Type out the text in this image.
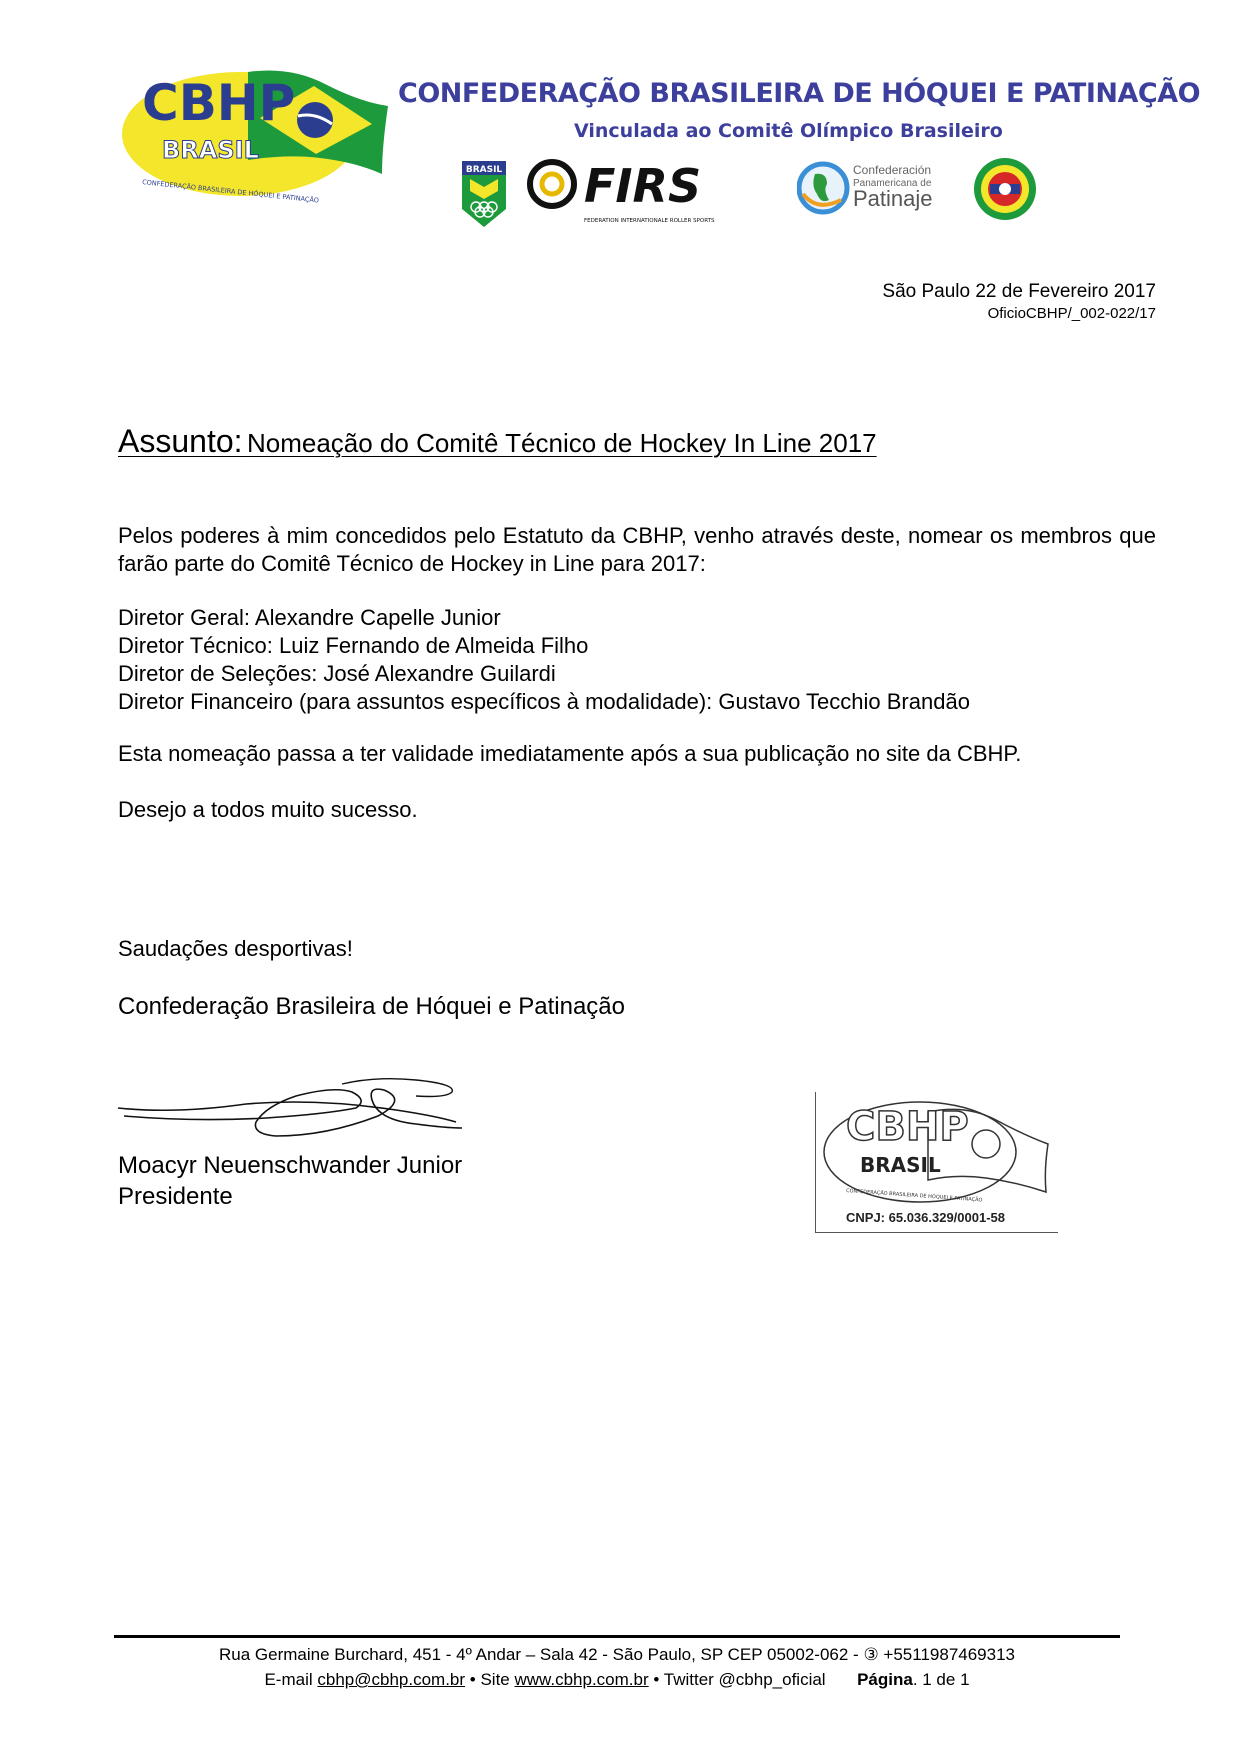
CBHP
BRASIL
CONFEDERAÇÃO BRASILEIRA DE HÓQUEI E PATINAÇÃO
CONFEDERAÇÃO BRASILEIRA DE HÓQUEI E PATINAÇÃO
Vinculada ao Comitê Olímpico Brasileiro
BRASIL FIRS
FEDERATION INTERNATIONALE ROLLER SPORTS
Confederación
Panamericana de
Patinaje
São Paulo 22 de Fevereiro 2017
OficioCBHP/_002-022/17
Assunto: Nomeação do Comitê Técnico de Hockey In Line 2017
Pelos poderes à mim concedidos pelo Estatuto da CBHP, venho através deste, nomear os membros que farão parte do Comitê Técnico de Hockey in Line para 2017:
Diretor Geral: Alexandre Capelle Junior
Diretor Técnico: Luiz Fernando de Almeida Filho
Diretor de Seleções: José Alexandre Guilardi
Diretor Financeiro (para assuntos específicos à modalidade): Gustavo Tecchio Brandão
Esta nomeação passa a ter validade imediatamente após a sua publicação no site da CBHP.
Desejo a todos muito sucesso.
Saudações desportivas!
Confederação Brasileira de Hóquei e Patinação
Moacyr Neuenschwander Junior
Presidente
CBHP
BRASIL
CONFEDERAÇÃO BRASILEIRA DE HÓQUEI E PATINAÇÃO
CNPJ: 65.036.329/0001-58
Rua Germaine Burchard, 451 - 4º Andar – Sala 42 - São Paulo, SP CEP 05002-062 - ③ +5511987469313
E-mail cbhp@cbhp.com.br • Site www.cbhp.com.br • Twitter @cbhp_oficial Página. 1 de 1
